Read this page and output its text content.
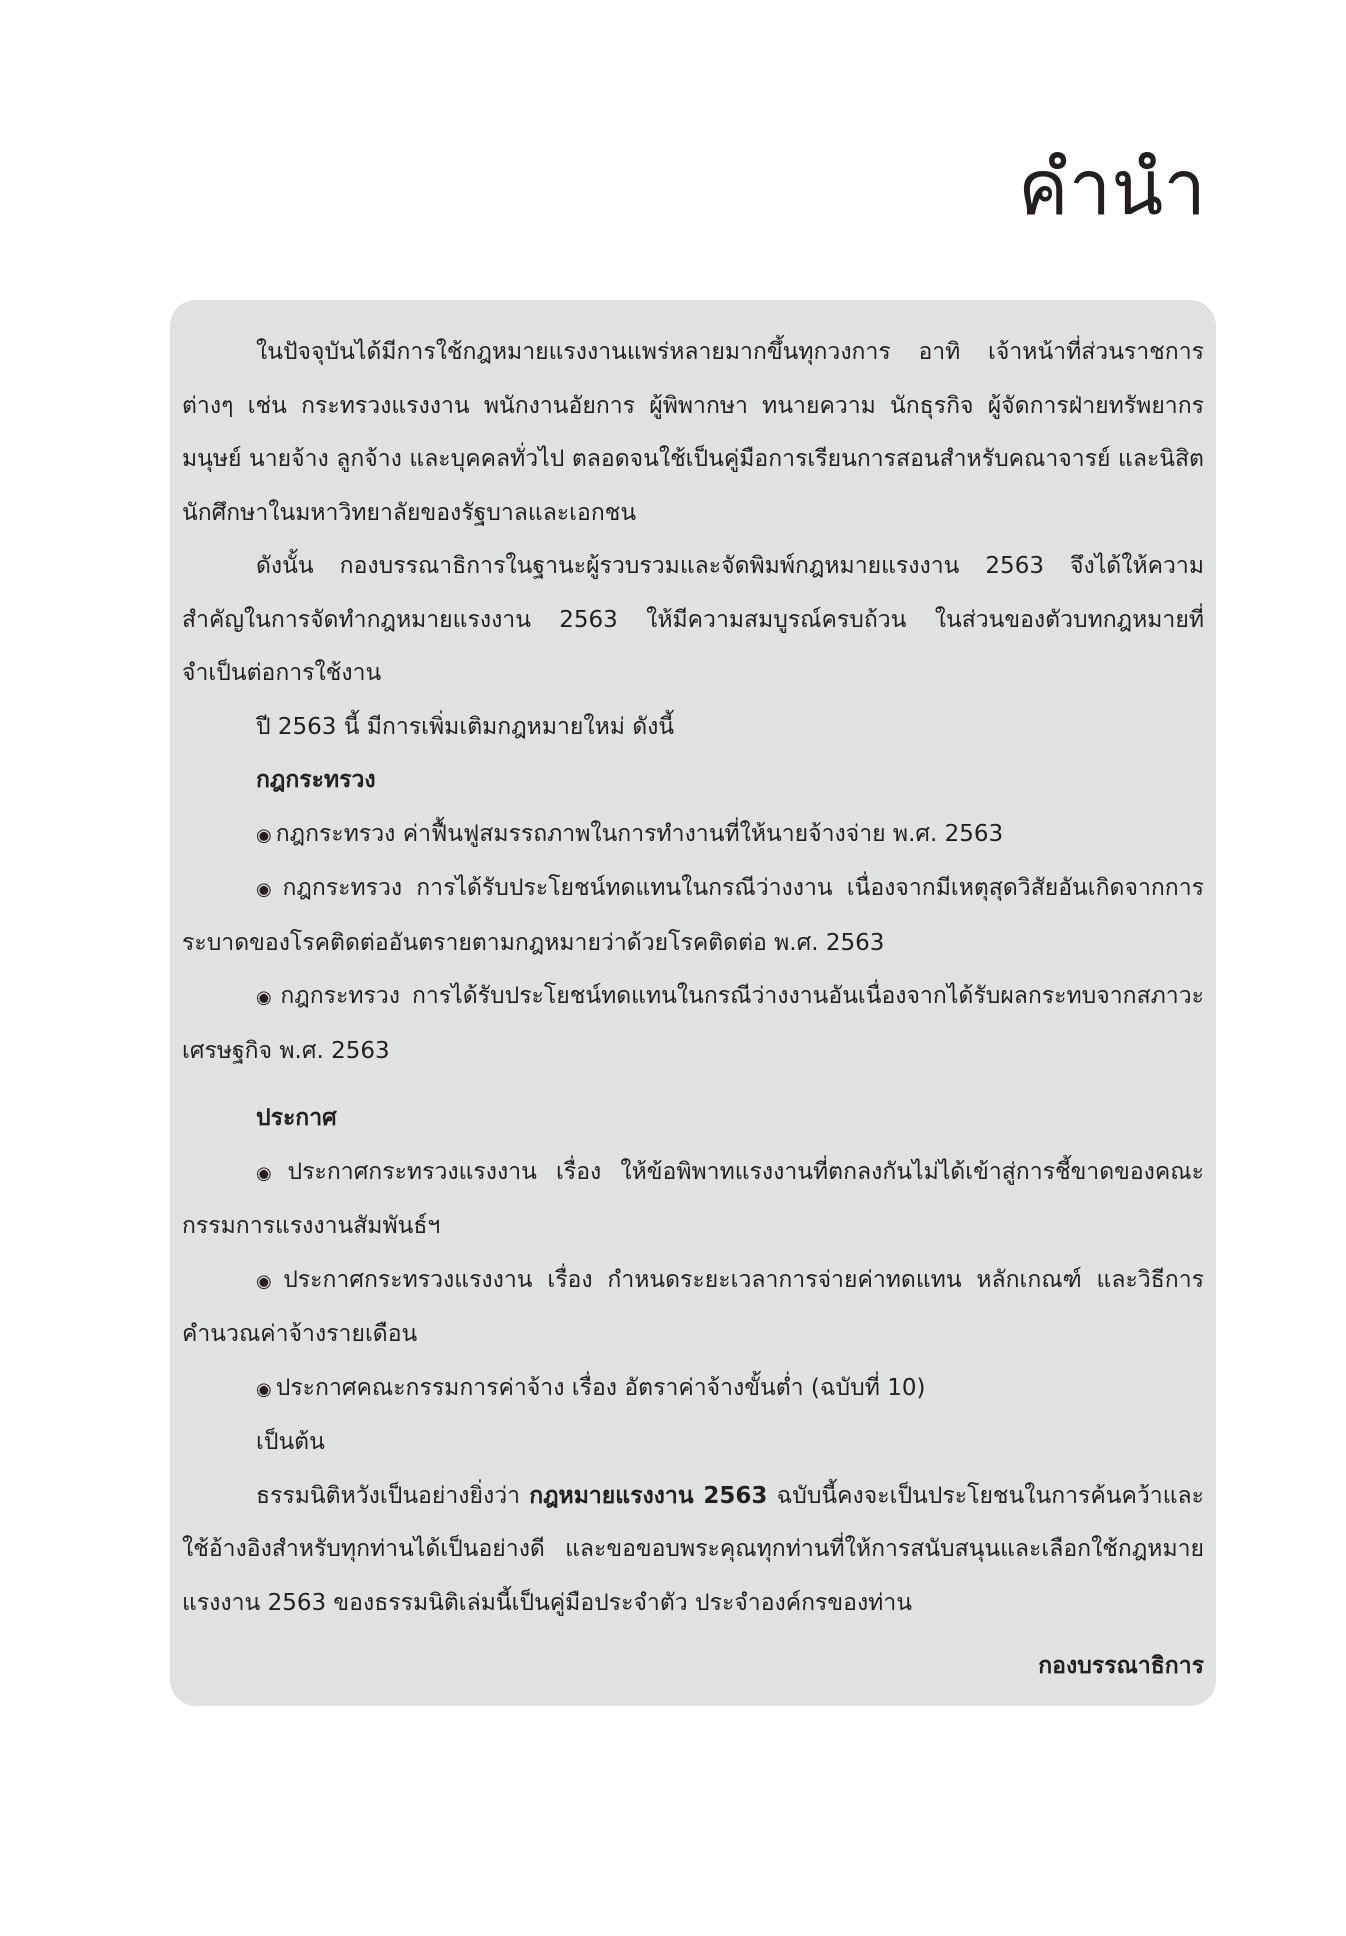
คำนำ

ในปัจจุบันได้มีการใช้กฎหมายแรงงานแพร่หลายมากขึ้นทุกวงการ อาทิ เจ้าหน้าที่ส่วนราชการต่างๆ เช่น กระทรวงแรงงาน พนักงานอัยการ ผู้พิพากษา ทนายความ นักธุรกิจ ผู้จัดการฝ่ายทรัพยากรมนุษย์ นายจ้าง ลูกจ้าง และบุคคลทั่วไป ตลอดจนใช้เป็นคู่มือการเรียนการสอนสำหรับคณาจารย์ และนิสิตนักศึกษาในมหาวิทยาลัยของรัฐบาลและเอกชน

ดังนั้น กองบรรณาธิการในฐานะผู้รวบรวมและจัดพิมพ์กฎหมายแรงงาน 2563 จึงได้ให้ความสำคัญในการจัดทำกฎหมายแรงงาน 2563 ให้มีความสมบูรณ์ครบถ้วน ในส่วนของตัวบทกฎหมายที่จำเป็นต่อการใช้งาน

ปี 2563 นี้ มีการเพิ่มเติมกฎหมายใหม่ ดังนี้

กฎกระทรวง

◉ กฎกระทรวง ค่าฟื้นฟูสมรรถภาพในการทำงานที่ให้นายจ้างจ่าย พ.ศ. 2563

◉ กฎกระทรวง การได้รับประโยชน์ทดแทนในกรณีว่างงาน เนื่องจากมีเหตุสุดวิสัยอันเกิดจากการระบาดของโรคติดต่ออันตรายตามกฎหมายว่าด้วยโรคติดต่อ พ.ศ. 2563

◉ กฎกระทรวง การได้รับประโยชน์ทดแทนในกรณีว่างงานอันเนื่องจากได้รับผลกระทบจากสภาวะเศรษฐกิจ พ.ศ. 2563

ประกาศ

◉ ประกาศกระทรวงแรงงาน เรื่อง ให้ข้อพิพาทแรงงานที่ตกลงกันไม่ได้เข้าสู่การชี้ขาดของคณะกรรมการแรงงานสัมพันธ์ฯ

◉ ประกาศกระทรวงแรงงาน เรื่อง กำหนดระยะเวลาการจ่ายค่าทดแทน หลักเกณฑ์ และวิธีการคำนวณค่าจ้างรายเดือน

◉ ประกาศคณะกรรมการค่าจ้าง เรื่อง อัตราค่าจ้างขั้นต่ำ (ฉบับที่ 10)

เป็นต้น

ธรรมนิติหวังเป็นอย่างยิ่งว่า กฎหมายแรงงาน 2563 ฉบับนี้คงจะเป็นประโยชนในการค้นคว้าและใช้อ้างอิงสำหรับทุกท่านได้เป็นอย่างดี และขอขอบพระคุณทุกท่านที่ให้การสนับสนุนและเลือกใช้กฎหมายแรงงาน 2563 ของธรรมนิติเล่มนี้เป็นคู่มือประจำตัว ประจำองค์กรของท่าน

กองบรรณาธิการ
